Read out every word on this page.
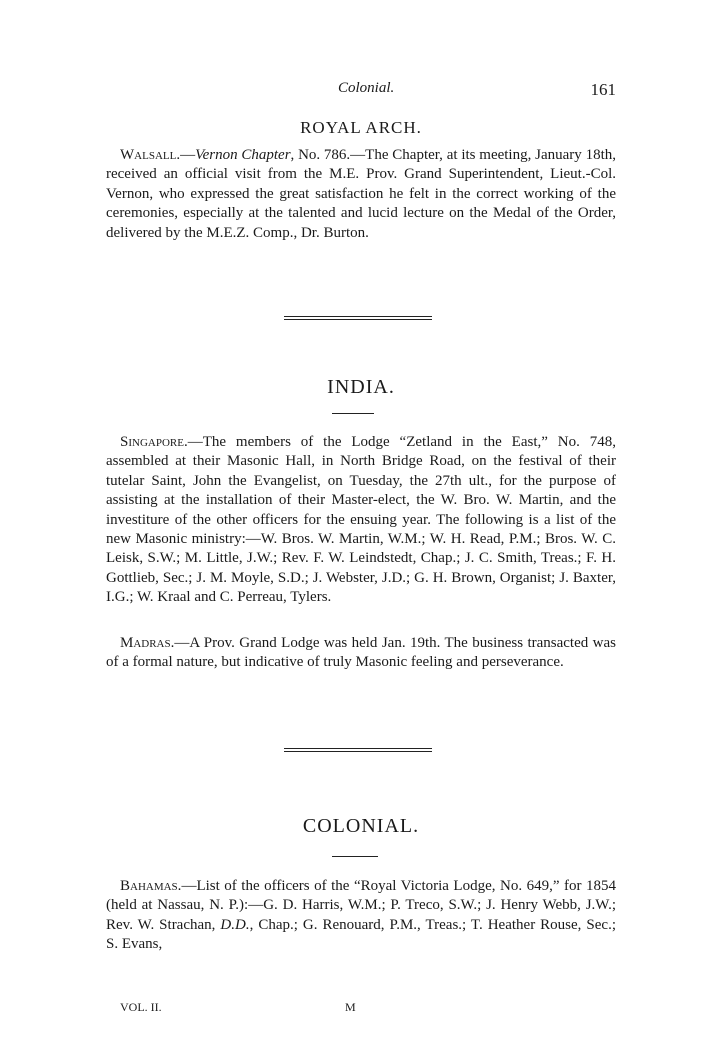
Colonial.	161
ROYAL ARCH.

Walsall.—Vernon Chapter, No. 786.—The Chapter, at its meeting, January 18th, received an official visit from the M.E. Prov. Grand Superintendent, Lieut.-Col. Vernon, who expressed the great satisfaction he felt in the correct working of the ceremonies, especially at the talented and lucid lecture on the Medal of the Order, delivered by the M.E.Z. Comp., Dr. Burton.

INDIA.

Singapore.—The members of the Lodge “Zetland in the East,” No. 748, assembled at their Masonic Hall, in North Bridge Road, on the festival of their tutelar Saint, John the Evangelist, on Tuesday, the 27th ult., for the purpose of assisting at the installation of their Master-elect, the W. Bro. W. Martin, and the investiture of the other officers for the ensuing year. The following is a list of the new Masonic ministry:—W. Bros. W. Martin, W.M.; W. H. Read, P.M.; Bros. W. C. Leisk, S.W.; M. Little, J.W.; Rev. F. W. Leindstedt, Chap.; J. C. Smith, Treas.; F. H. Gottlieb, Sec.; J. M. Moyle, S.D.; J. Webster, J.D.; G. H. Brown, Organist; J. Baxter, I.G.; W. Kraal and C. Perreau, Tylers.

Madras.—A Prov. Grand Lodge was held Jan. 19th. The business transacted was of a formal nature, but indicative of truly Masonic feeling and perseverance.

COLONIAL.

Bahamas.—List of the officers of the “Royal Victoria Lodge, No. 649,” for 1854 (held at Nassau, N. P.):—G. D. Harris, W.M.; P. Treco, S.W.; J. Henry Webb, J.W.; Rev. W. Strachan, D.D., Chap.; G. Renouard, P.M., Treas.; T. Heather Rouse, Sec.; S. Evans,

VOL. II.	M
